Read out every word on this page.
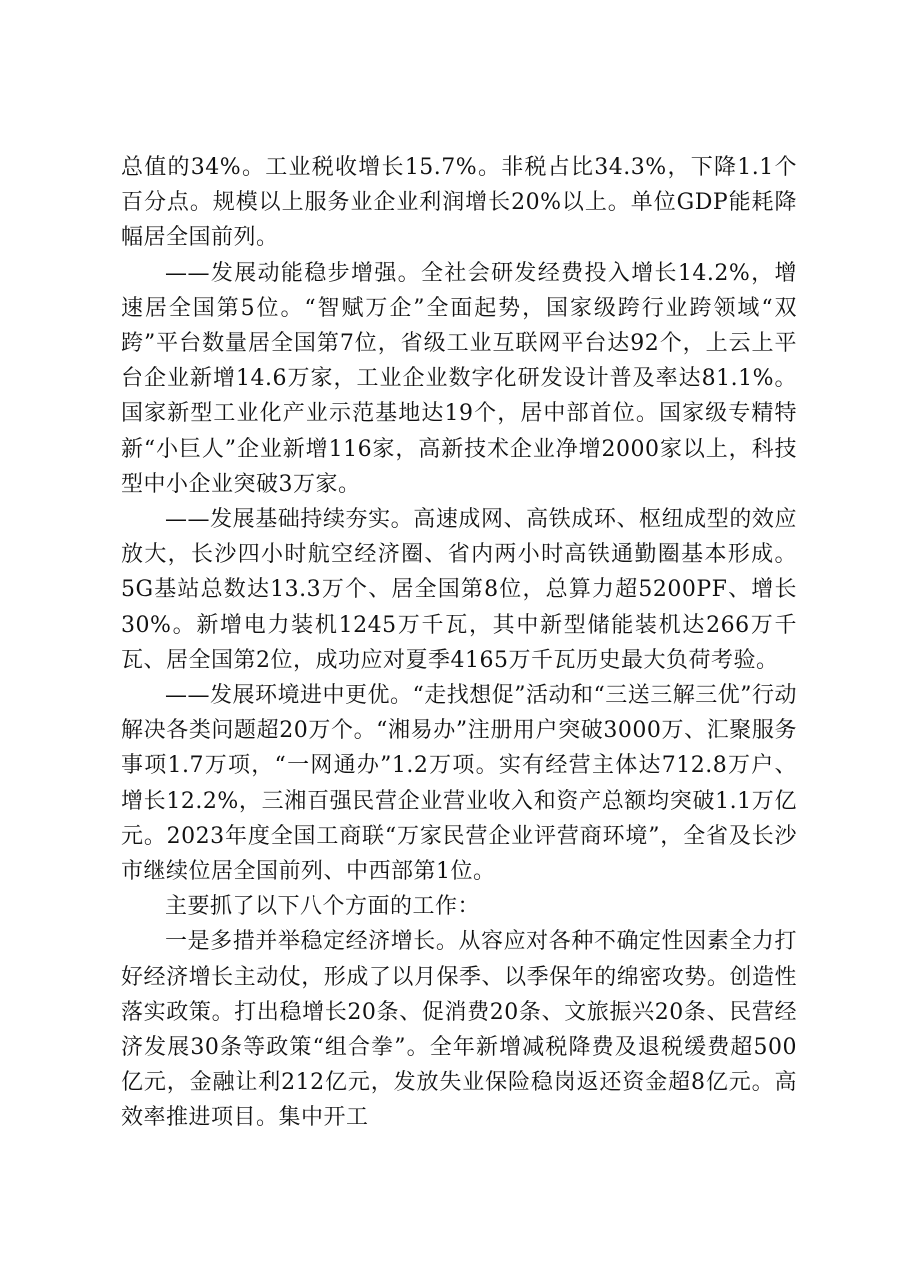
总值的34%。工业税收增长15.7%。非税占比34.3%，下降1.1个百分点。规模以上服务业企业利润增长20%以上。单位GDP能耗降幅居全国前列。

——发展动能稳步增强。全社会研发经费投入增长14.2%，增速居全国第5位。“智赋万企”全面起势，国家级跨行业跨领域“双跨”平台数量居全国第7位，省级工业互联网平台达92个，上云上平台企业新增14.6万家，工业企业数字化研发设计普及率达81.1%。国家新型工业化产业示范基地达19个，居中部首位。国家级专精特新“小巨人”企业新增116家，高新技术企业净增2000家以上，科技型中小企业突破3万家。

——发展基础持续夯实。高速成网、高铁成环、枢纽成型的效应放大，长沙四小时航空经济圈、省内两小时高铁通勤圈基本形成。5G基站总数达13.3万个、居全国第8位，总算力超5200PF、增长30%。新增电力装机1245万千瓦，其中新型储能装机达266万千瓦、居全国第2位，成功应对夏季4165万千瓦历史最大负荷考验。

——发展环境进中更优。“走找想促”活动和“三送三解三优”行动解决各类问题超20万个。“湘易办”注册用户突破3000万、汇聚服务事项1.7万项，“一网通办”1.2万项。实有经营主体达712.8万户、增长12.2%，三湘百强民营企业营业收入和资产总额均突破1.1万亿元。2023年度全国工商联“万家民营企业评营商环境”，全省及长沙市继续位居全国前列、中西部第1位。

主要抓了以下八个方面的工作：

一是多措并举稳定经济增长。从容应对各种不确定性因素全力打好经济增长主动仗，形成了以月保季、以季保年的绵密攻势。创造性落实政策。打出稳增长20条、促消费20条、文旅振兴20条、民营经济发展30条等政策“组合拳”。全年新增减税降费及退税缓费超500亿元，金融让利212亿元，发放失业保险稳岗返还资金超8亿元。高效率推进项目。集中开工
